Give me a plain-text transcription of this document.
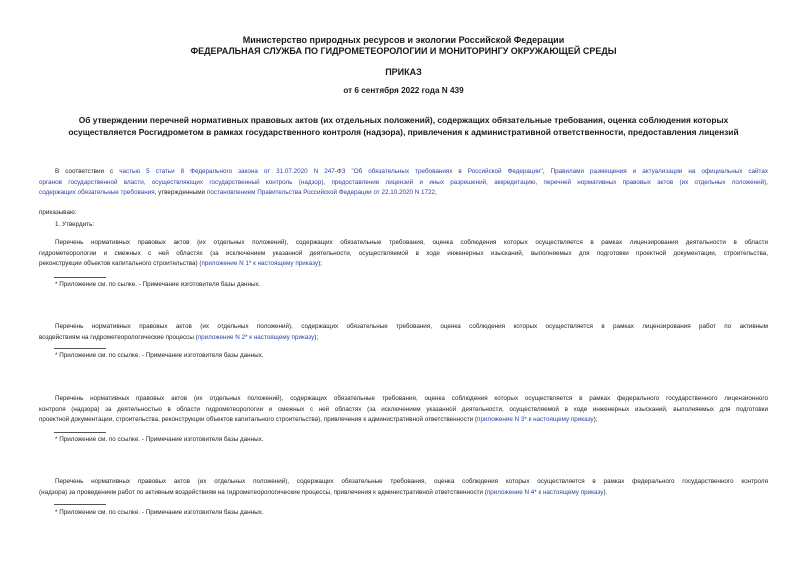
Министерство природных ресурсов и экологии Российской Федерации
ФЕДЕРАЛЬНАЯ СЛУЖБА ПО ГИДРОМЕТЕОРОЛОГИИ И МОНИТОРИНГУ ОКРУЖАЮЩЕЙ СРЕДЫ
ПРИКАЗ
от 6 сентября 2022 года N 439
Об утверждении перечней нормативных правовых актов (их отдельных положений), содержащих обязательные требования, оценка соблюдения которых
осуществляется Росгидрометом в рамках государственного контроля (надзора), привлечения к административной ответственности, предоставления лицензий
В соответствии с частью 5 статьи 8 Федерального закона от 31.07.2020 N 247-ФЗ "Об обязательных требованиях в Российской Федерации", Правилами размещения и актуализации на официальных сайтах
органов государственной власти, осуществляющих государственный контроль (надзор), предоставление лицензий и иных разрешений, аккредитацию, перечней нормативных правовых актов (их отдельных положений),
содержащих обязательные требования, утвержденными постановлением Правительства Российской Федерации от 22.10.2020 N 1722,
приказываю:
1. Утвердить:
Перечень нормативных правовых актов (их отдельных положений), содержащих обязательные требования, оценка соблюдения которых осуществляется в рамках лицензирования деятельности в области
гидрометеорологии и смежных с ней областях (за исключением указанной деятельности, осуществляемой в ходе инженерных изысканий, выполняемых для подготовки проектной документации, строительства,
реконструкции объектов капитального строительства) (приложение N 1* к настоящему приказу);
* Приложение см. по сылке. - Примечание изготовителя базы данных.
Перечень нормативных правовых актов (их отдельных положений), содержащих обязательные требования, оценка соблюдения которых осуществляется в рамках лицензирования работ по активным
воздействиям на гидрометеорологические процессы (приложение N 2* к настоящему приказу);
* Приложение см. по ссылке. - Примечание изготовителя базы данных.
Перечень нормативных правовых актов (их отдельных положений), содержащих обязательные требования, оценка соблюдения которых осуществляется в рамках федерального государственного лицензионного
контроля (надзора) за деятельностью в области гидрометеорологии и смежных с ней областях (за исключением указанной деятельности, осуществляемой в ходе инженерных изысканий, выполняемых для подготовки
проектной документации, строительства, реконструкции объектов капитального строительства), привлечения к административной ответственности (приложение N 3* к настоящему приказу);
* Приложение см. по ссылке. - Примечание изготовителя базы данных.
Перечень нормативных правовых актов (их отдельных положений), содержащих обязательные требования, оценка соблюдения которых осуществляется в рамках федерального государственного контроля
(надзора) за проведением работ по активным воздействиям на гидрометеорологические процессы, привлечения к административной ответственности (приложение N 4* к настоящему приказу).
* Приложение см. по ссылке. - Примечание изготовителя базы данных.
